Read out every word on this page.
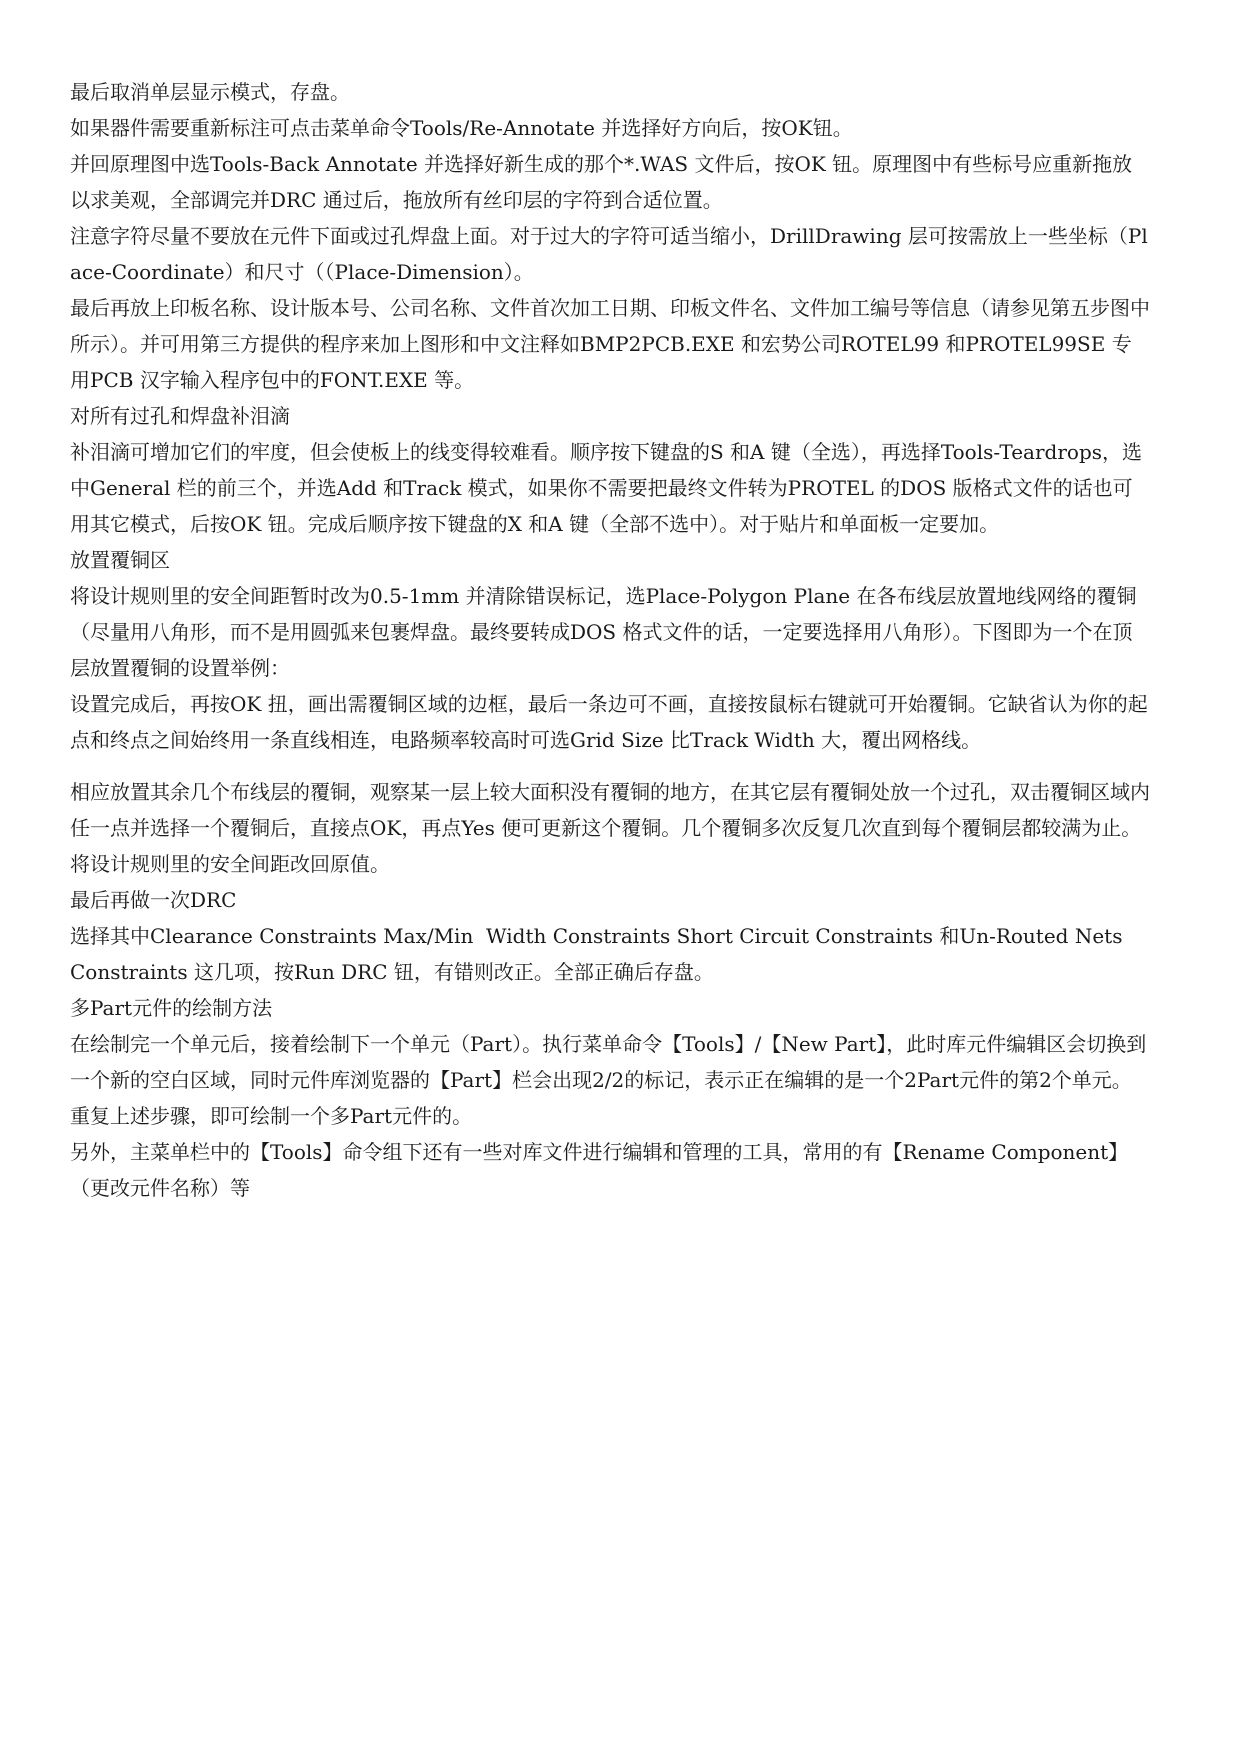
最后取消单层显示模式，存盘。

如果器件需要重新标注可点击菜单命令Tools/Re-Annotate 并选择好方向后，按OK钮。

并回原理图中选Tools-Back Annotate 并选择好新生成的那个*.WAS 文件后，按OK 钮。原理图中有些标号应重新拖放以求美观，全部调完并DRC 通过后，拖放所有丝印层的字符到合适位置。

注意字符尽量不要放在元件下面或过孔焊盘上面。对于过大的字符可适当缩小，DrillDrawing 层可按需放上一些坐标（Place-Coordinate）和尺寸（（Place-Dimension）。

最后再放上印板名称、设计版本号、公司名称、文件首次加工日期、印板文件名、文件加工编号等信息（请参见第五步图中所示）。并可用第三方提供的程序来加上图形和中文注释如BMP2PCB.EXE 和宏势公司ROTEL99 和PROTEL99SE 专用PCB 汉字输入程序包中的FONT.EXE 等。

对所有过孔和焊盘补泪滴

补泪滴可增加它们的牢度，但会使板上的线变得较难看。顺序按下键盘的S 和A 键（全选），再选择Tools-Teardrops，选中General 栏的前三个，并选Add 和Track 模式，如果你不需要把最终文件转为PROTEL 的DOS 版格式文件的话也可用其它模式，后按OK 钮。完成后顺序按下键盘的X 和A 键（全部不选中）。对于贴片和单面板一定要加。

放置覆铜区

将设计规则里的安全间距暂时改为0.5-1mm 并清除错误标记，选Place-Polygon Plane 在各布线层放置地线网络的覆铜（尽量用八角形，而不是用圆弧来包裹焊盘。最终要转成DOS 格式文件的话，一定要选择用八角形）。下图即为一个在顶层放置覆铜的设置举例：

设置完成后，再按OK 扭，画出需覆铜区域的边框，最后一条边可不画，直接按鼠标右键就可开始覆铜。它缺省认为你的起点和终点之间始终用一条直线相连，电路频率较高时可选Grid Size 比Track Width 大，覆出网格线。

相应放置其余几个布线层的覆铜，观察某一层上较大面积没有覆铜的地方，在其它层有覆铜处放一个过孔，双击覆铜区域内任一点并选择一个覆铜后，直接点OK，再点Yes 便可更新这个覆铜。几个覆铜多次反复几次直到每个覆铜层都较满为止。将设计规则里的安全间距改回原值。

最后再做一次DRC

选择其中Clearance Constraints Max/Min  Width Constraints Short Circuit Constraints 和Un-Routed Nets  Constraints 这几项，按Run DRC 钮，有错则改正。全部正确后存盘。

多Part元件的绘制方法

在绘制完一个单元后，接着绘制下一个单元（Part）。执行菜单命令【Tools】/【New Part】，此时库元件编辑区会切换到一个新的空白区域，同时元件库浏览器的【Part】栏会出现2/2的标记，表示正在编辑的是一个2Part元件的第2个单元。重复上述步骤，即可绘制一个多Part元件的。

另外，主菜单栏中的【Tools】命令组下还有一些对库文件进行编辑和管理的工具，常用的有【Rename Component】（更改元件名称）等
